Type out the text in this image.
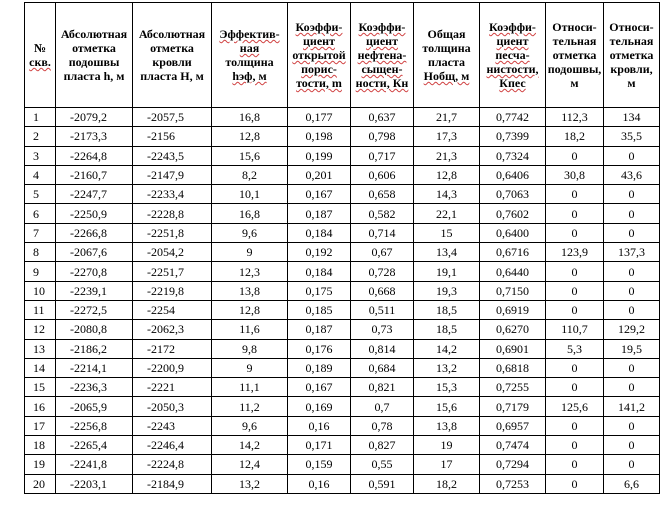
№
скв.	Абсолютная
отметка
подошвы
пласта h, м	Абсолютная
отметка
кровли
пласта Н, м	Эффектив-
ная
толщина
hэф, м	Коэффи-
циент
открытой
порис-
тости, m	Коэффи-
циент
нефтена-
сыщен-
ности, Кн	Общая
толщина
пласта
Нобщ, м	Коэффи-
циент
песча-
нистости,
Кпес	Относи-
тельная
отметка
подошвы,
м	Относи-
тельная
отметка
кровли,
м

1	-2079,2	-2057,5	16,8	0,177	0,637	21,7	0,7742	112,3	134
2	-2173,3	-2156	12,8	0,198	0,798	17,3	0,7399	18,2	35,5
3	-2264,8	-2243,5	15,6	0,199	0,717	21,3	0,7324	0	0
4	-2160,7	-2147,9	8,2	0,201	0,606	12,8	0,6406	30,8	43,6
5	-2247,7	-2233,4	10,1	0,167	0,658	14,3	0,7063	0	0
6	-2250,9	-2228,8	16,8	0,187	0,582	22,1	0,7602	0	0
7	-2266,8	-2251,8	9,6	0,184	0,714	15	0,6400	0	0
8	-2067,6	-2054,2	9	0,192	0,67	13,4	0,6716	123,9	137,3
9	-2270,8	-2251,7	12,3	0,184	0,728	19,1	0,6440	0	0
10	-2239,1	-2219,8	13,8	0,175	0,668	19,3	0,7150	0	0
11	-2272,5	-2254	12,8	0,185	0,511	18,5	0,6919	0	0
12	-2080,8	-2062,3	11,6	0,187	0,73	18,5	0,6270	110,7	129,2
13	-2186,2	-2172	9,8	0,176	0,814	14,2	0,6901	5,3	19,5
14	-2214,1	-2200,9	9	0,189	0,684	13,2	0,6818	0	0
15	-2236,3	-2221	11,1	0,167	0,821	15,3	0,7255	0	0
16	-2065,9	-2050,3	11,2	0,169	0,7	15,6	0,7179	125,6	141,2
17	-2256,8	-2243	9,6	0,16	0,78	13,8	0,6957	0	0
18	-2265,4	-2246,4	14,2	0,171	0,827	19	0,7474	0	0
19	-2241,8	-2224,8	12,4	0,159	0,55	17	0,7294	0	0
20	-2203,1	-2184,9	13,2	0,16	0,591	18,2	0,7253	0	6,6
